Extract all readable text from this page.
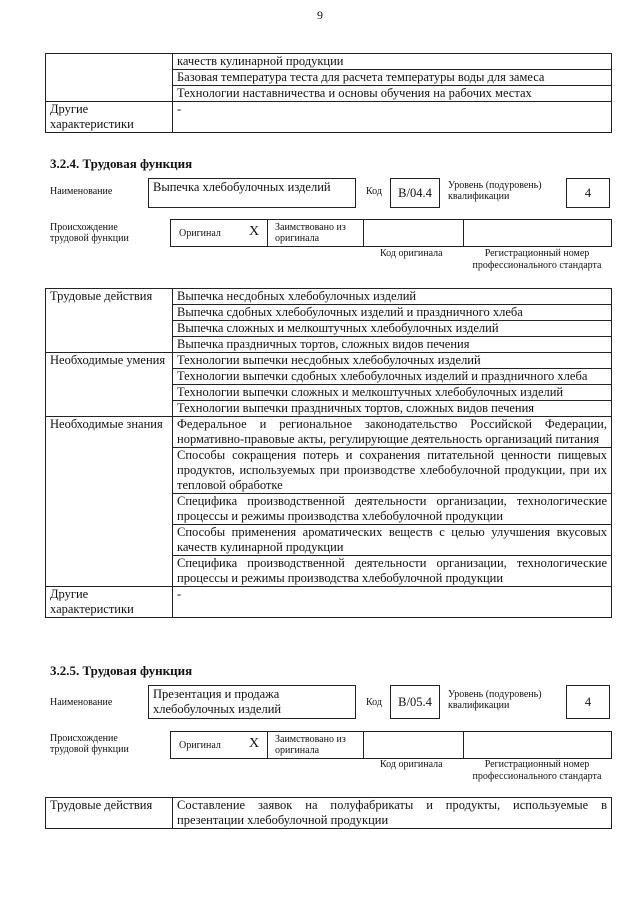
9
	качеств кулинарной продукции
	Базовая температура теста для расчета температуры воды для замеса
	Технологии наставничества и основы обучения на рабочих местах
Другие характеристики	-
3.2.4. Трудовая функция
Наименование	Выпечка хлебобулочных изделий	Код	B/04.4
Уровень (подуровень) квалификации	4
Происхождение трудовой функции	Оригинал X Заимствовано из оригинала
Код оригинала	Регистрационный номер профессионального стандарта
Трудовые действия	Выпечка несдобных хлебобулочных изделий
	Выпечка сдобных хлебобулочных изделий и праздничного хлеба
	Выпечка сложных и мелкоштучных хлебобулочных изделий
	Выпечка праздничных тортов, сложных видов печения
Необходимые умения	Технологии выпечки несдобных хлебобулочных изделий
	Технологии выпечки сдобных хлебобулочных изделий и праздничного хлеба
	Технологии выпечки сложных и мелкоштучных хлебобулочных изделий
	Технологии выпечки праздничных тортов, сложных видов печения
Необходимые знания	Федеральное и региональное законодательство Российской Федерации, нормативно-правовые акты, регулирующие деятельность организаций питания
	Способы сокращения потерь и сохранения питательной ценности пищевых продуктов, используемых при производстве хлебобулочной продукции, при их тепловой обработке
	Специфика производственной деятельности организации, технологические процессы и режимы производства хлебобулочной продукции
	Способы применения ароматических веществ с целью улучшения вкусовых качеств кулинарной продукции
	Специфика производственной деятельности организации, технологические процессы и режимы производства хлебобулочной продукции
Другие характеристики	-
3.2.5. Трудовая функция
Наименование
Презентация и продажа хлебобулочных изделий	Код	B/05.4
Уровень (подуровень) квалификации	4
Происхождение трудовой функции	Оригинал X Заимствовано из оригинала
Код оригинала	Регистрационный номер профессионального стандарта
Трудовые действия	Составление заявок на полуфабрикаты и продукты, используемые в презентации хлебобулочной продукции
